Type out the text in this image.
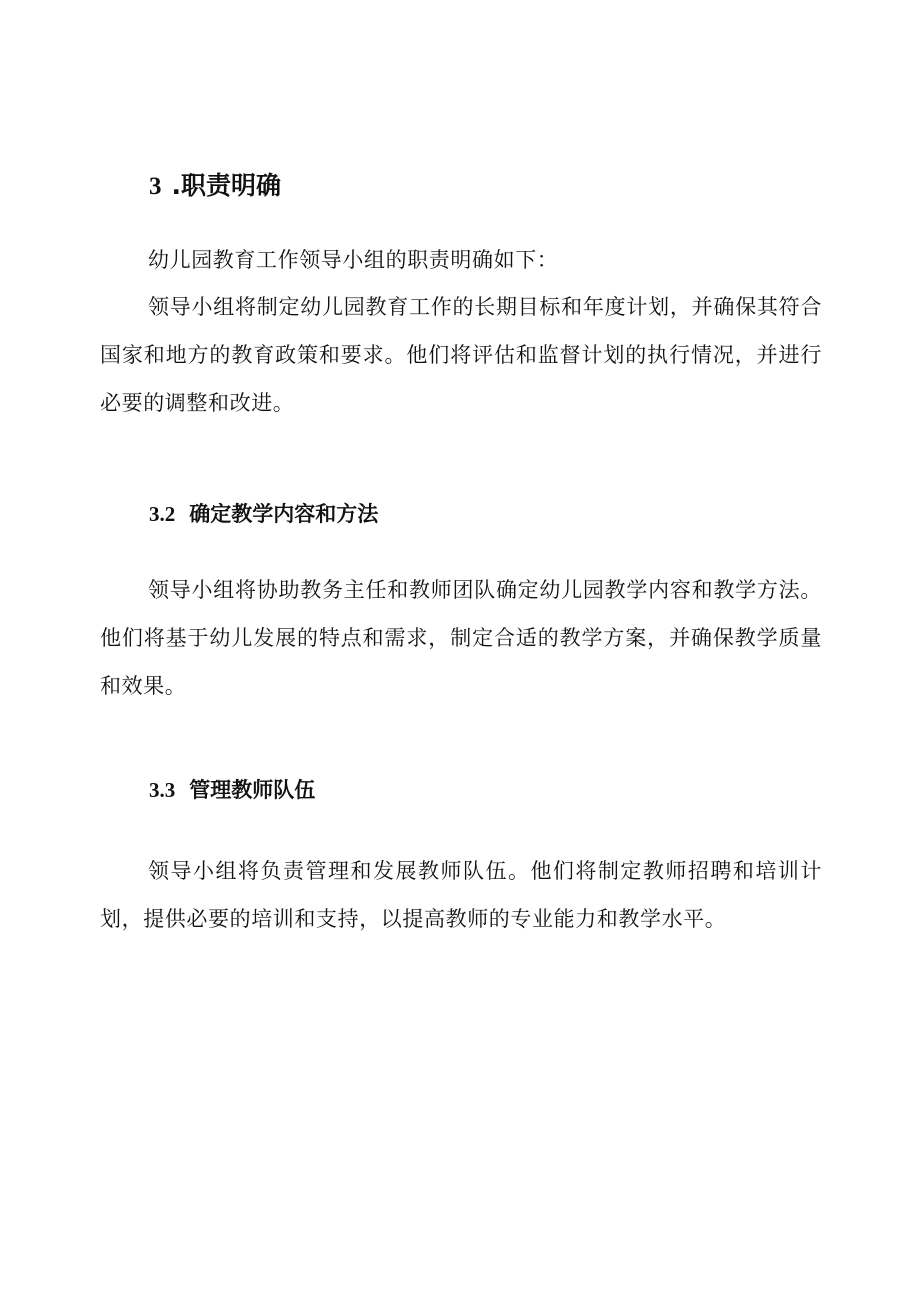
3 .职责明确
幼儿园教育工作领导小组的职责明确如下：
领导小组将制定幼儿园教育工作的长期目标和年度计划，并确保其符合国家和地方的教育政策和要求。他们将评估和监督计划的执行情况，并进行必要的调整和改进。
3.2 确定教学内容和方法
领导小组将协助教务主任和教师团队确定幼儿园教学内容和教学方法。他们将基于幼儿发展的特点和需求，制定合适的教学方案，并确保教学质量和效果。
3.3 管理教师队伍
领导小组将负责管理和发展教师队伍。他们将制定教师招聘和培训计划，提供必要的培训和支持，以提高教师的专业能力和教学水平。
